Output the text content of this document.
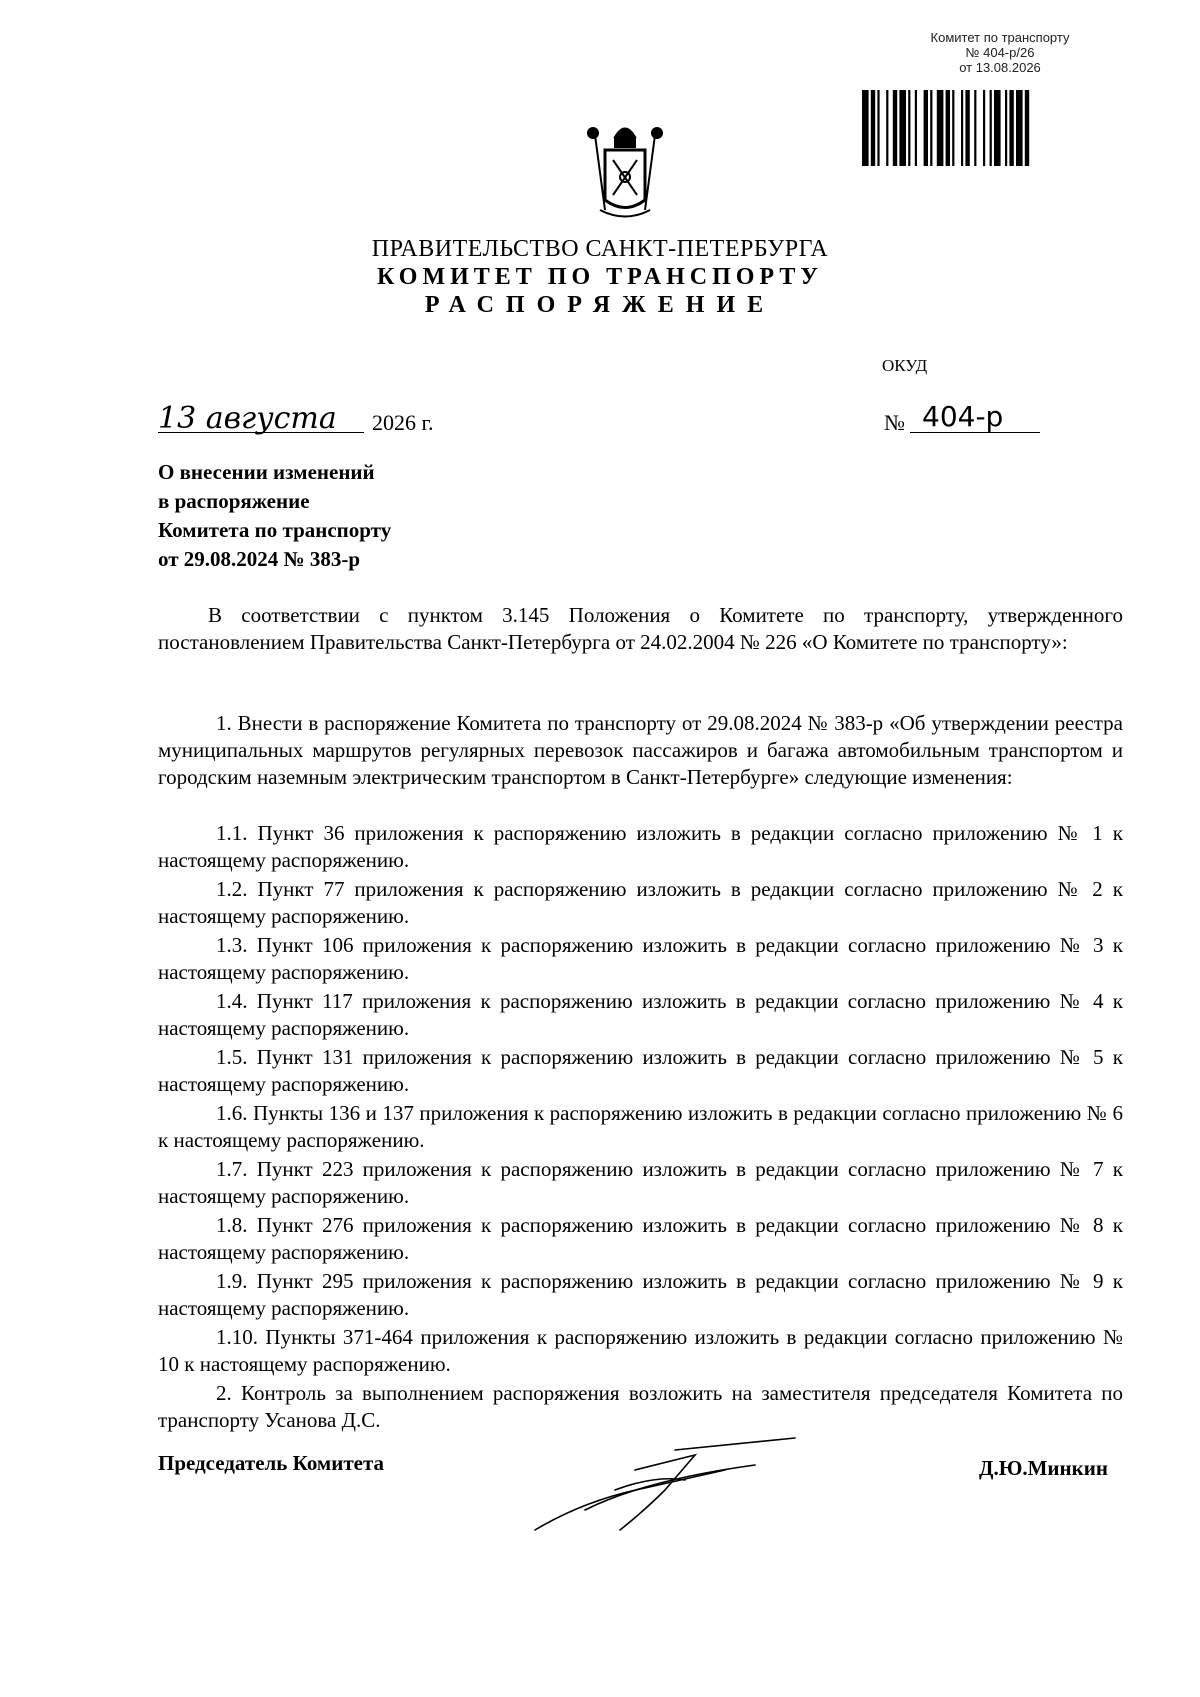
Комитет по транспорту
№ 404-р/26
от 13.08.2026
ПРАВИТЕЛЬСТВО САНКТ-ПЕТЕРБУРГА
КОМИТЕТ ПО ТРАНСПОРТУ
РАСПОРЯЖЕНИЕ
ОКУД
13 августа 2026 г.	№ 404-р
О внесении изменений
в распоряжение
Комитета по транспорту
от 29.08.2024 № 383-р
В соответствии с пунктом 3.145 Положения о Комитете по транспорту, утвержденного постановлением Правительства Санкт-Петербурга от 24.02.2004 № 226 «О Комитете по транспорту»:
1. Внести в распоряжение Комитета по транспорту от 29.08.2024 № 383-р «Об утверждении реестра муниципальных маршрутов регулярных перевозок пассажиров и багажа автомобильным транспортом и городским наземным электрическим транспортом в Санкт-Петербурге» следующие изменения:
1.1. Пункт 36 приложения к распоряжению изложить в редакции согласно приложению № 1 к настоящему распоряжению.
1.2. Пункт 77 приложения к распоряжению изложить в редакции согласно приложению № 2 к настоящему распоряжению.
1.3. Пункт 106 приложения к распоряжению изложить в редакции согласно приложению № 3 к настоящему распоряжению.
1.4. Пункт 117 приложения к распоряжению изложить в редакции согласно приложению № 4 к настоящему распоряжению.
1.5. Пункт 131 приложения к распоряжению изложить в редакции согласно приложению № 5 к настоящему распоряжению.
1.6. Пункты 136 и 137 приложения к распоряжению изложить в редакции согласно приложению № 6 к настоящему распоряжению.
1.7. Пункт 223 приложения к распоряжению изложить в редакции согласно приложению № 7 к настоящему распоряжению.
1.8. Пункт 276 приложения к распоряжению изложить в редакции согласно приложению № 8 к настоящему распоряжению.
1.9. Пункт 295 приложения к распоряжению изложить в редакции согласно приложению № 9 к настоящему распоряжению.
1.10. Пункты 371-464 приложения к распоряжению изложить в редакции согласно приложению № 10 к настоящему распоряжению.
2. Контроль за выполнением распоряжения возложить на заместителя председателя Комитета по транспорту Усанова Д.С.
Председатель Комитета	Д.Ю.Минкин
